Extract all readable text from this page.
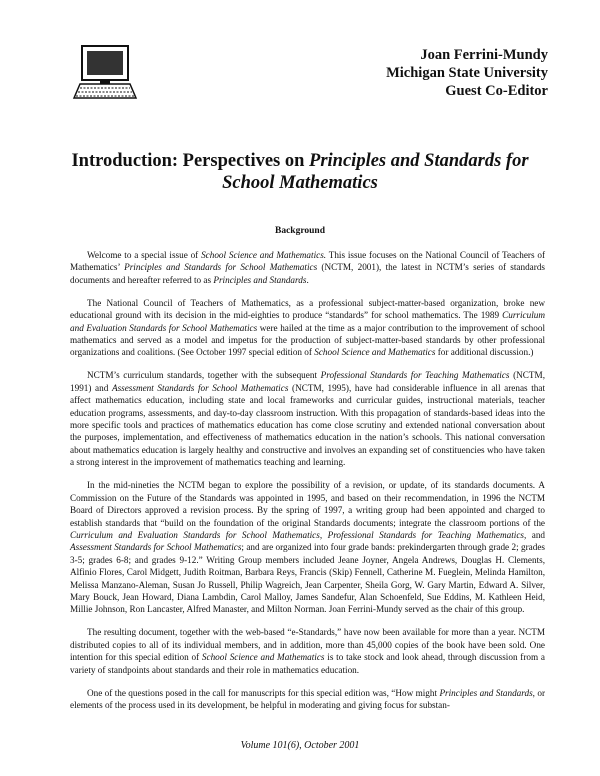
Joan Ferrini-Mundy
Michigan State University
Guest Co-Editor
Introduction: Perspectives on Principles and Standards for
School Mathematics
Background

Welcome to a special issue of School Science and Mathematics. This issue focuses on the National Council of Teachers of Mathematics’ Principles and Standards for School Mathematics (NCTM, 2001), the latest in NCTM’s series of standards documents and hereafter referred to as Principles and Standards.

The National Council of Teachers of Mathematics, as a professional subject-matter-based organization, broke new educational ground with its decision in the mid-eighties to produce “standards” for school mathematics. The 1989 Curriculum and Evaluation Standards for School Mathematics were hailed at the time as a major contribution to the improvement of school mathematics and served as a model and impetus for the production of subject-matter-based standards by other professional organizations and coalitions. (See October 1997 special edition of School Science and Mathematics for additional discussion.)

NCTM’s curriculum standards, together with the subsequent Professional Standards for Teaching Mathematics (NCTM, 1991) and Assessment Standards for School Mathematics (NCTM, 1995), have had considerable influence in all arenas that affect mathematics education, including state and local frameworks and curricular guides, instructional materials, teacher education programs, assessments, and day-to-day classroom instruction. With this propagation of standards-based ideas into the more specific tools and practices of mathematics education has come close scrutiny and extended national conversation about the purposes, implementation, and effectiveness of mathematics education in the nation’s schools. This national conversation about mathematics education is largely healthy and constructive and involves an expanding set of constituencies who have taken a strong interest in the improvement of mathematics teaching and learning.

In the mid-nineties the NCTM began to explore the possibility of a revision, or update, of its standards documents. A Commission on the Future of the Standards was appointed in 1995, and based on their recommendation, in 1996 the NCTM Board of Directors approved a revision process. By the spring of 1997, a writing group had been appointed and charged to establish standards that “build on the foundation of the original Standards documents; integrate the classroom portions of the Curriculum and Evaluation Standards for School Mathematics, Professional Standards for Teaching Mathematics, and Assessment Standards for School Mathematics; and are organized into four grade bands: prekindergarten through grade 2; grades 3-5; grades 6-8; and grades 9-12.” Writing Group members included Jeane Joyner, Angela Andrews, Douglas H. Clements, Alfinio Flores, Carol Midgett, Judith Roitman, Barbara Reys, Francis (Skip) Fennell, Catherine M. Fueglein, Melinda Hamilton, Melissa Manzano-Aleman, Susan Jo Russell, Philip Wagreich, Jean Carpenter, Sheila Gorg, W. Gary Martin, Edward A. Silver, Mary Bouck, Jean Howard, Diana Lambdin, Carol Malloy, James Sandefur, Alan Schoenfeld, Sue Eddins, M. Kathleen Heid, Millie Johnson, Ron Lancaster, Alfred Manaster, and Milton Norman. Joan Ferrini-Mundy served as the chair of this group.

The resulting document, together with the web-based “e-Standards,” have now been available for more than a year. NCTM distributed copies to all of its individual members, and in addition, more than 45,000 copies of the book have been sold. One intention for this special edition of School Science and Mathematics is to take stock and look ahead, through discussion from a variety of standpoints about standards and their role in mathematics education.

One of the questions posed in the call for manuscripts for this special edition was, “How might Principles and Standards, or elements of the process used in its development, be helpful in moderating and giving focus for substan-

Volume 101(6), October 2001
